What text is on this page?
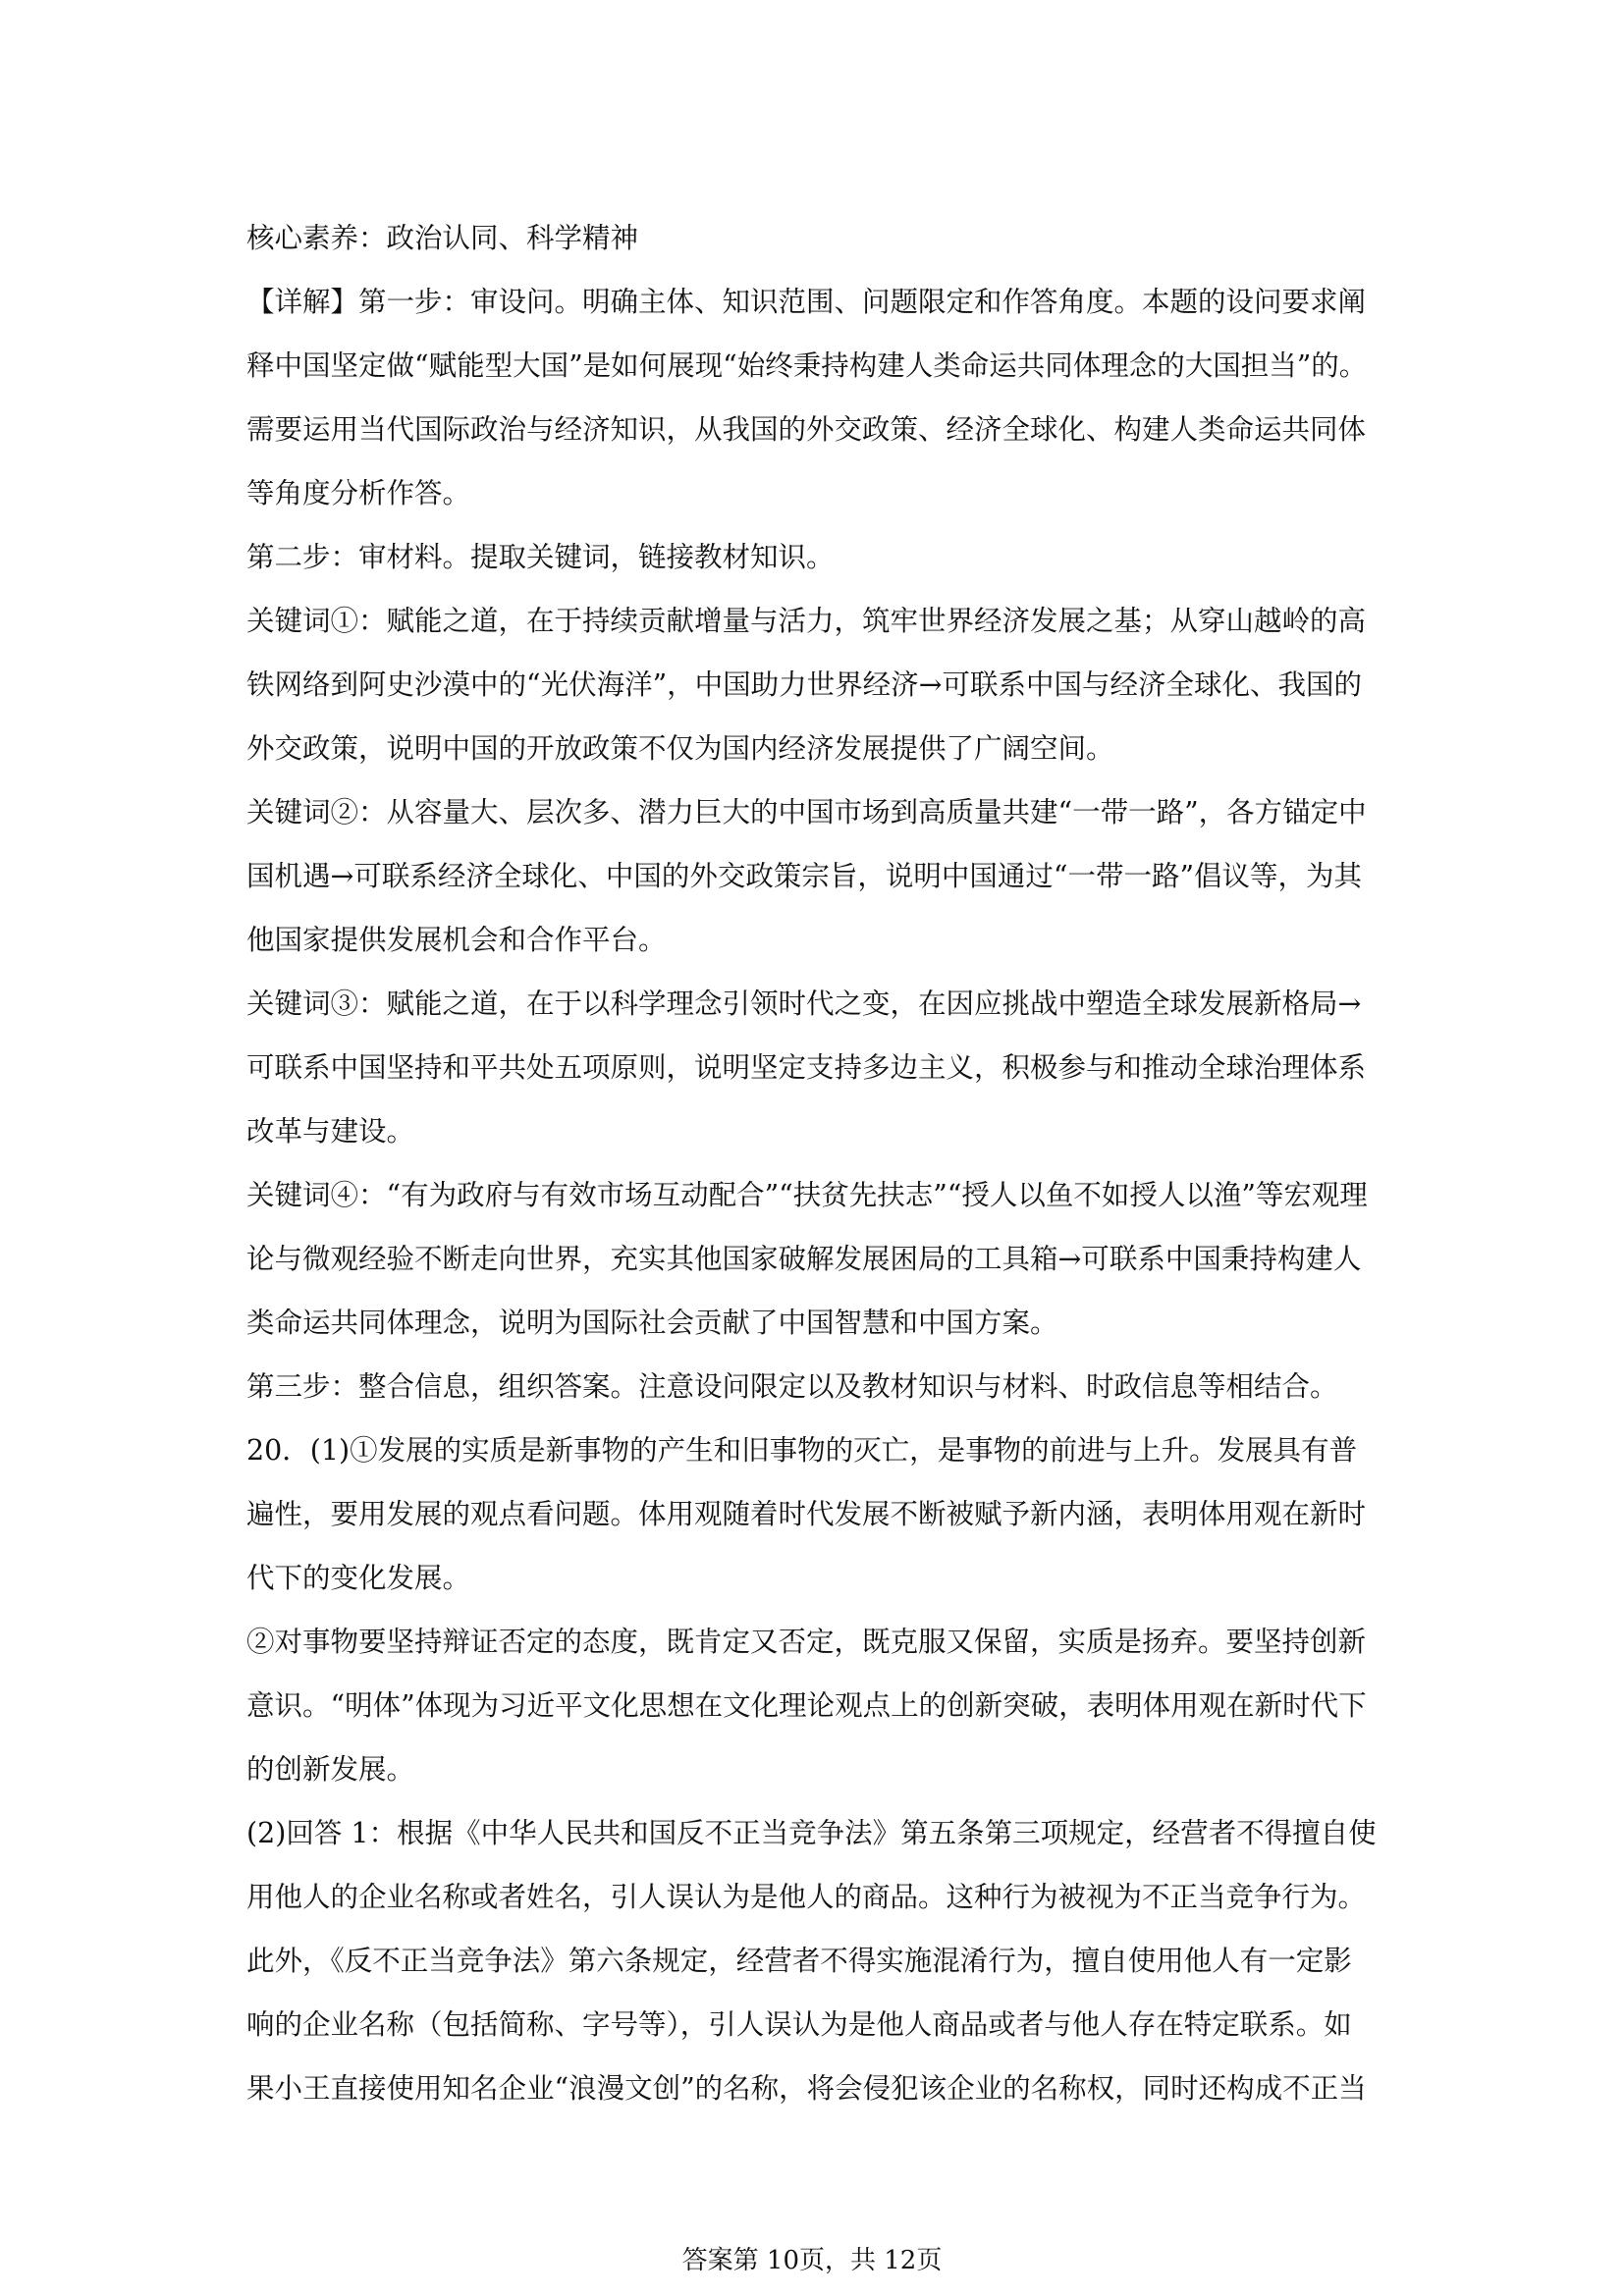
核心素养：政治认同、科学精神

【详解】第一步：审设问。明确主体、知识范围、问题限定和作答角度。本题的设问要求阐

释中国坚定做“赋能型大国”是如何展现“始终秉持构建人类命运共同体理念的大国担当”的。

需要运用当代国际政治与经济知识，从我国的外交政策、经济全球化、构建人类命运共同体

等角度分析作答。

第二步：审材料。提取关键词，链接教材知识。

关键词①：赋能之道，在于持续贡献增量与活力，筑牢世界经济发展之基；从穿山越岭的高

铁网络到阿史沙漠中的“光伏海洋”，中国助力世界经济→可联系中国与经济全球化、我国的

外交政策，说明中国的开放政策不仅为国内经济发展提供了广阔空间。

关键词②：从容量大、层次多、潜力巨大的中国市场到高质量共建“一带一路”，各方锚定中

国机遇→可联系经济全球化、中国的外交政策宗旨，说明中国通过“一带一路”倡议等，为其

他国家提供发展机会和合作平台。

关键词③：赋能之道，在于以科学理念引领时代之变，在因应挑战中塑造全球发展新格局→

可联系中国坚持和平共处五项原则，说明坚定支持多边主义，积极参与和推动全球治理体系

改革与建设。

关键词④：“有为政府与有效市场互动配合”“扶贫先扶志”“授人以鱼不如授人以渔”等宏观理

论与微观经验不断走向世界，充实其他国家破解发展困局的工具箱→可联系中国秉持构建人

类命运共同体理念，说明为国际社会贡献了中国智慧和中国方案。

第三步：整合信息，组织答案。注意设问限定以及教材知识与材料、时政信息等相结合。

20．(1)①发展的实质是新事物的产生和旧事物的灭亡，是事物的前进与上升。发展具有普

遍性，要用发展的观点看问题。体用观随着时代发展不断被赋予新内涵，表明体用观在新时

代下的变化发展。

②对事物要坚持辩证否定的态度，既肯定又否定，既克服又保留，实质是扬弃。要坚持创新

意识。“明体”体现为习近平文化思想在文化理论观点上的创新突破，表明体用观在新时代下

的创新发展。

(2)回答 1：根据《中华人民共和国反不正当竞争法》第五条第三项规定，经营者不得擅自使

用他人的企业名称或者姓名，引人误认为是他人的商品。这种行为被视为不正当竞争行为。

此外，《反不正当竞争法》第六条规定，经营者不得实施混淆行为，擅自使用他人有一定影

响的企业名称（包括简称、字号等），引人误认为是他人商品或者与他人存在特定联系。如

果小王直接使用知名企业“浪漫文创”的名称，将会侵犯该企业的名称权，同时还构成不正当

答案第 10页，共 12页
